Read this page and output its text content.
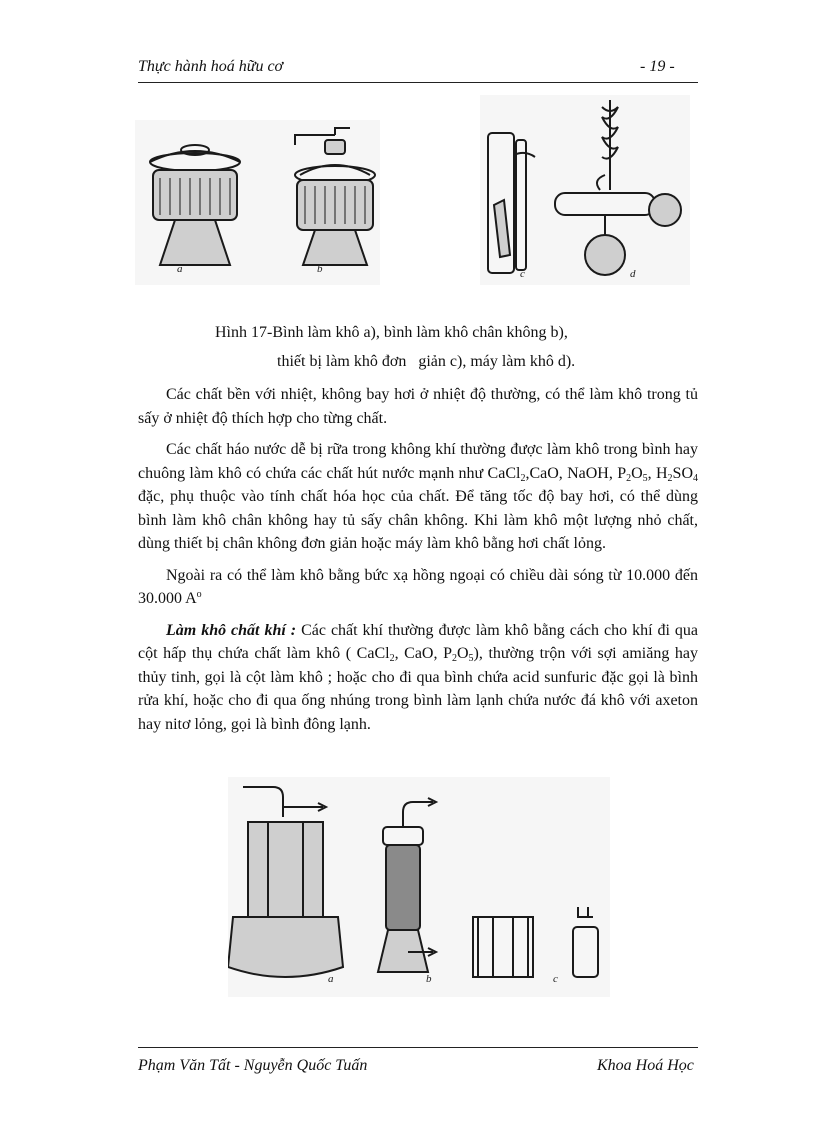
Thực hành hoá hữu cơ	- 19 -
a	b	c	d
Hình 17-Bình làm khô a), bình làm khô chân không b),
thiết bị làm khô đơn   giản c), máy làm khô d).

Các chất bền với nhiệt, không bay hơi ở nhiệt độ thường, có thể làm khô trong tủ sấy ở nhiệt độ thích hợp cho từng chất.

Các chất háo nước dễ bị rữa trong không khí thường được làm khô trong bình hay chuông làm khô có chứa các chất hút nước mạnh như CaCl$_2$,CaO, NaOH, $P_2O_5$, $H_2SO_4$ đặc, phụ thuộc vào tính chất hóa học của chất. Để tăng tốc độ bay hơi, có thể dùng bình làm khô chân không hay tủ sấy chân không. Khi làm khô một lượng nhỏ chất, dùng thiết bị chân không đơn giản hoặc máy làm khô bằng hơi chất lỏng.

Ngoài ra có thể làm khô bằng bức xạ hồng ngoại có chiều dài sóng từ 10.000 đến 30.000 $A^o$

Làm khô chất khí : Các chất khí thường được làm khô bằng cách cho khí đi qua cột hấp thụ chứa chất làm khô ( CaCl$_2$, CaO, $P_2O_5$), thường trộn với sợi amiăng hay thủy tinh, gọi là cột làm khô ; hoặc cho đi qua bình chứa acid sunfuric đặc gọi là bình rửa khí, hoặc cho đi qua ống nhúng trong bình làm lạnh chứa nước đá khô với axeton hay nitơ lỏng, gọi là bình đông lạnh.

a	b	c
Phạm Văn Tất - Nguyễn Quốc Tuấn	Khoa Hoá Học
